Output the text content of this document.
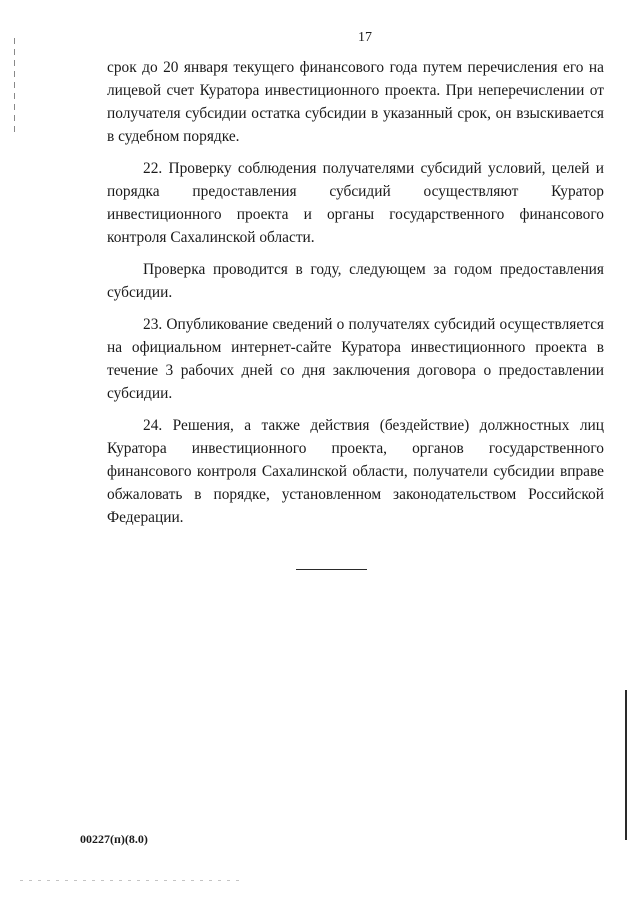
17

срок до 20 января текущего финансового года путем перечисления его на лицевой счет Куратора инвестиционного проекта. При неперечислении от получателя субсидии остатка субсидии в указанный срок, он взыскивается в судебном порядке.

22. Проверку соблюдения получателями субсидий условий, целей и порядка предоставления субсидий осуществляют Куратор инвестиционного проекта и органы государственного финансового контроля Сахалинской области.

Проверка проводится в году, следующем за годом предоставления субсидии.

23. Опубликование сведений о получателях субсидий осуществляется на официальном интернет-сайте Куратора инвестиционного проекта в течение 3 рабочих дней со дня заключения договора о предоставлении субсидии.

24. Решения, а также действия (бездействие) должностных лиц Куратора инвестиционного проекта, органов государственного финансового контроля Сахалинской области, получатели субсидии вправе обжаловать в порядке, установленном законодательством Российской Федерации.

00227(п)(8.0)
